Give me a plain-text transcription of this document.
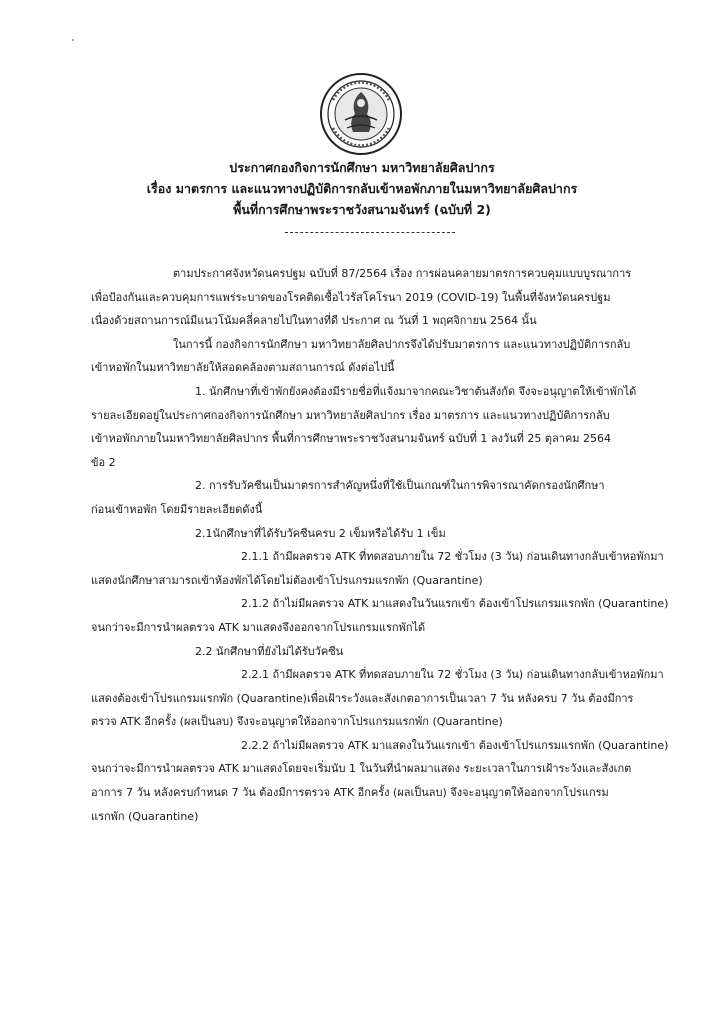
ประกาศกองกิจการนักศึกษา มหาวิทยาลัยศิลปากร
เรื่อง มาตรการ และแนวทางปฏิบัติการกลับเข้าหอพักภายในมหาวิทยาลัยศิลปากร
พื้นที่การศึกษาพระราชวังสนามจันทร์ (ฉบับที่ 2)
ตามประกาศจังหวัดนครปฐม ฉบับที่ 87/2564 เรื่อง การผ่อนคลายมาตรการควบคุมแบบบูรณาการ
เพื่อป้องกันและควบคุมการแพร่ระบาดของโรคติดเชื้อไวรัสโคโรนา 2019 (COVID-19) ในพื้นที่จังหวัดนครปฐม
เนื่องด้วยสถานการณ์มีแนวโน้มคลี่คลายไปในทางที่ดี ประกาศ ณ วันที่ 1 พฤศจิกายน 2564 นั้น
ในการนี้ กองกิจการนักศึกษา มหาวิทยาลัยศิลปากรจึงได้ปรับมาตรการ และแนวทางปฏิบัติการกลับ
เข้าหอพักในมหาวิทยาลัยให้สอดคล้องตามสถานการณ์ ดังต่อไปนี้
1. นักศึกษาที่เข้าพักยังคงต้องมีรายชื่อที่แจ้งมาจากคณะวิชาต้นสังกัด จึงจะอนุญาตให้เข้าพักได้
รายละเอียดอยู่ในประกาศกองกิจการนักศึกษา มหาวิทยาลัยศิลปากร เรื่อง มาตรการ และแนวทางปฏิบัติการกลับ
เข้าหอพักภายในมหาวิทยาลัยศิลปากร พื้นที่การศึกษาพระราชวังสนามจันทร์ ฉบับที่ 1 ลงวันที่ 25 ตุลาคม 2564
ข้อ 2
2. การรับวัคซีนเป็นมาตรการสำคัญหนึ่งที่ใช้เป็นเกณฑ์ในการพิจารณาคัดกรองนักศึกษา
ก่อนเข้าหอพัก โดยมีรายละเอียดดังนี้
2.1นักศึกษาที่ได้รับวัคซีนครบ 2 เข็มหรือได้รับ 1 เข็ม
2.1.1 ถ้ามีผลตรวจ ATK ที่ทดสอบภายใน 72 ชั่วโมง (3 วัน) ก่อนเดินทางกลับเข้าหอพักมา
แสดงนักศึกษาสามารถเข้าห้องพักได้โดยไม่ต้องเข้าโปรแกรมแรกพัก (Quarantine)
2.1.2 ถ้าไม่มีผลตรวจ ATK มาแสดงในวันแรกเข้า ต้องเข้าโปรแกรมแรกพัก (Quarantine)
จนกว่าจะมีการนำผลตรวจ ATK มาแสดงจึงออกจากโปรแกรมแรกพักได้
2.2 นักศึกษาที่ยังไม่ได้รับวัคซีน
2.2.1 ถ้ามีผลตรวจ ATK ที่ทดสอบภายใน 72 ชั่วโมง (3 วัน) ก่อนเดินทางกลับเข้าหอพักมา
แสดงต้องเข้าโปรแกรมแรกพัก (Quarantine)เพื่อเฝ้าระวังและสังเกตอาการเป็นเวลา 7 วัน หลังครบ 7 วัน ต้องมีการ
ตรวจ ATK อีกครั้ง (ผลเป็นลบ) จึงจะอนุญาตให้ออกจากโปรแกรมแรกพัก (Quarantine)
2.2.2 ถ้าไม่มีผลตรวจ ATK มาแสดงในวันแรกเข้า ต้องเข้าโปรแกรมแรกพัก (Quarantine)
จนกว่าจะมีการนำผลตรวจ ATK มาแสดงโดยจะเริ่มนับ 1 ในวันที่นำผลมาแสดง ระยะเวลาในการเฝ้าระวังและสังเกต
อาการ 7 วัน หลังครบกำหนด 7 วัน ต้องมีการตรวจ ATK อีกครั้ง (ผลเป็นลบ) จึงจะอนุญาตให้ออกจากโปรแกรม
แรกพัก (Quarantine)
